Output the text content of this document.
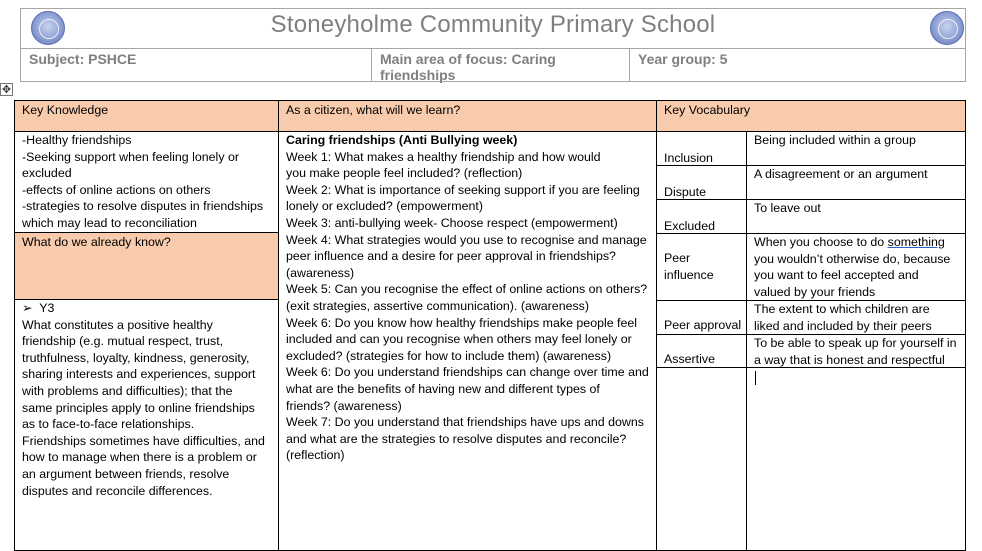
Stoneyholme Community Primary School
Subject: PSHCE	Main area of focus: Caring
friendships
Year group: 5
✥
Key Knowledge
-Healthy friendships
-Seeking support when feeling lonely or
excluded
-effects of online actions on others
-strategies to resolve disputes in friendships
which may lead to reconciliation
What do we already know?
➢ Y3
What constitutes a positive healthy
friendship (e.g. mutual respect, trust,
truthfulness, loyalty, kindness, generosity,
sharing interests and experiences, support
with problems and difficulties); that the
same principles apply to online friendships
as to face-to-face relationships.
Friendships sometimes have difficulties, and
how to manage when there is a problem or
an argument between friends, resolve
disputes and reconcile differences.
As a citizen, what will we learn?
Caring friendships (Anti Bullying week)
Week 1: What makes a healthy friendship and how would
you make people feel included? (reflection)
Week 2: What is importance of seeking support if you are feeling
lonely or excluded? (empowerment)
Week 3: anti-bullying week- Choose respect (empowerment)
Week 4: What strategies would you use to recognise and manage
peer influence and a desire for peer approval in friendships?
(awareness)
Week 5: Can you recognise the effect of online actions on others?
(exit strategies, assertive communication). (awareness)
Week 6: Do you know how healthy friendships make people feel
included and can you recognise when others may feel lonely or
excluded? (strategies for how to include them) (awareness)
Week 6: Do you understand friendships can change over time and
what are the benefits of having new and different types of
friends? (awareness)
Week 7: Do you understand that friendships have ups and downs
and what are the strategies to resolve disputes and reconcile?
(reflection)
Key Vocabulary
Inclusion
Being included within a group
Dispute
A disagreement or an argument
Excluded
To leave out
Peer
influence
When you choose to do something
you wouldn’t otherwise do, because
you want to feel accepted and
valued by your friends
Peer approval
The extent to which children are
liked and included by their peers
Assertive
To be able to speak up for yourself in
a way that is honest and respectful
